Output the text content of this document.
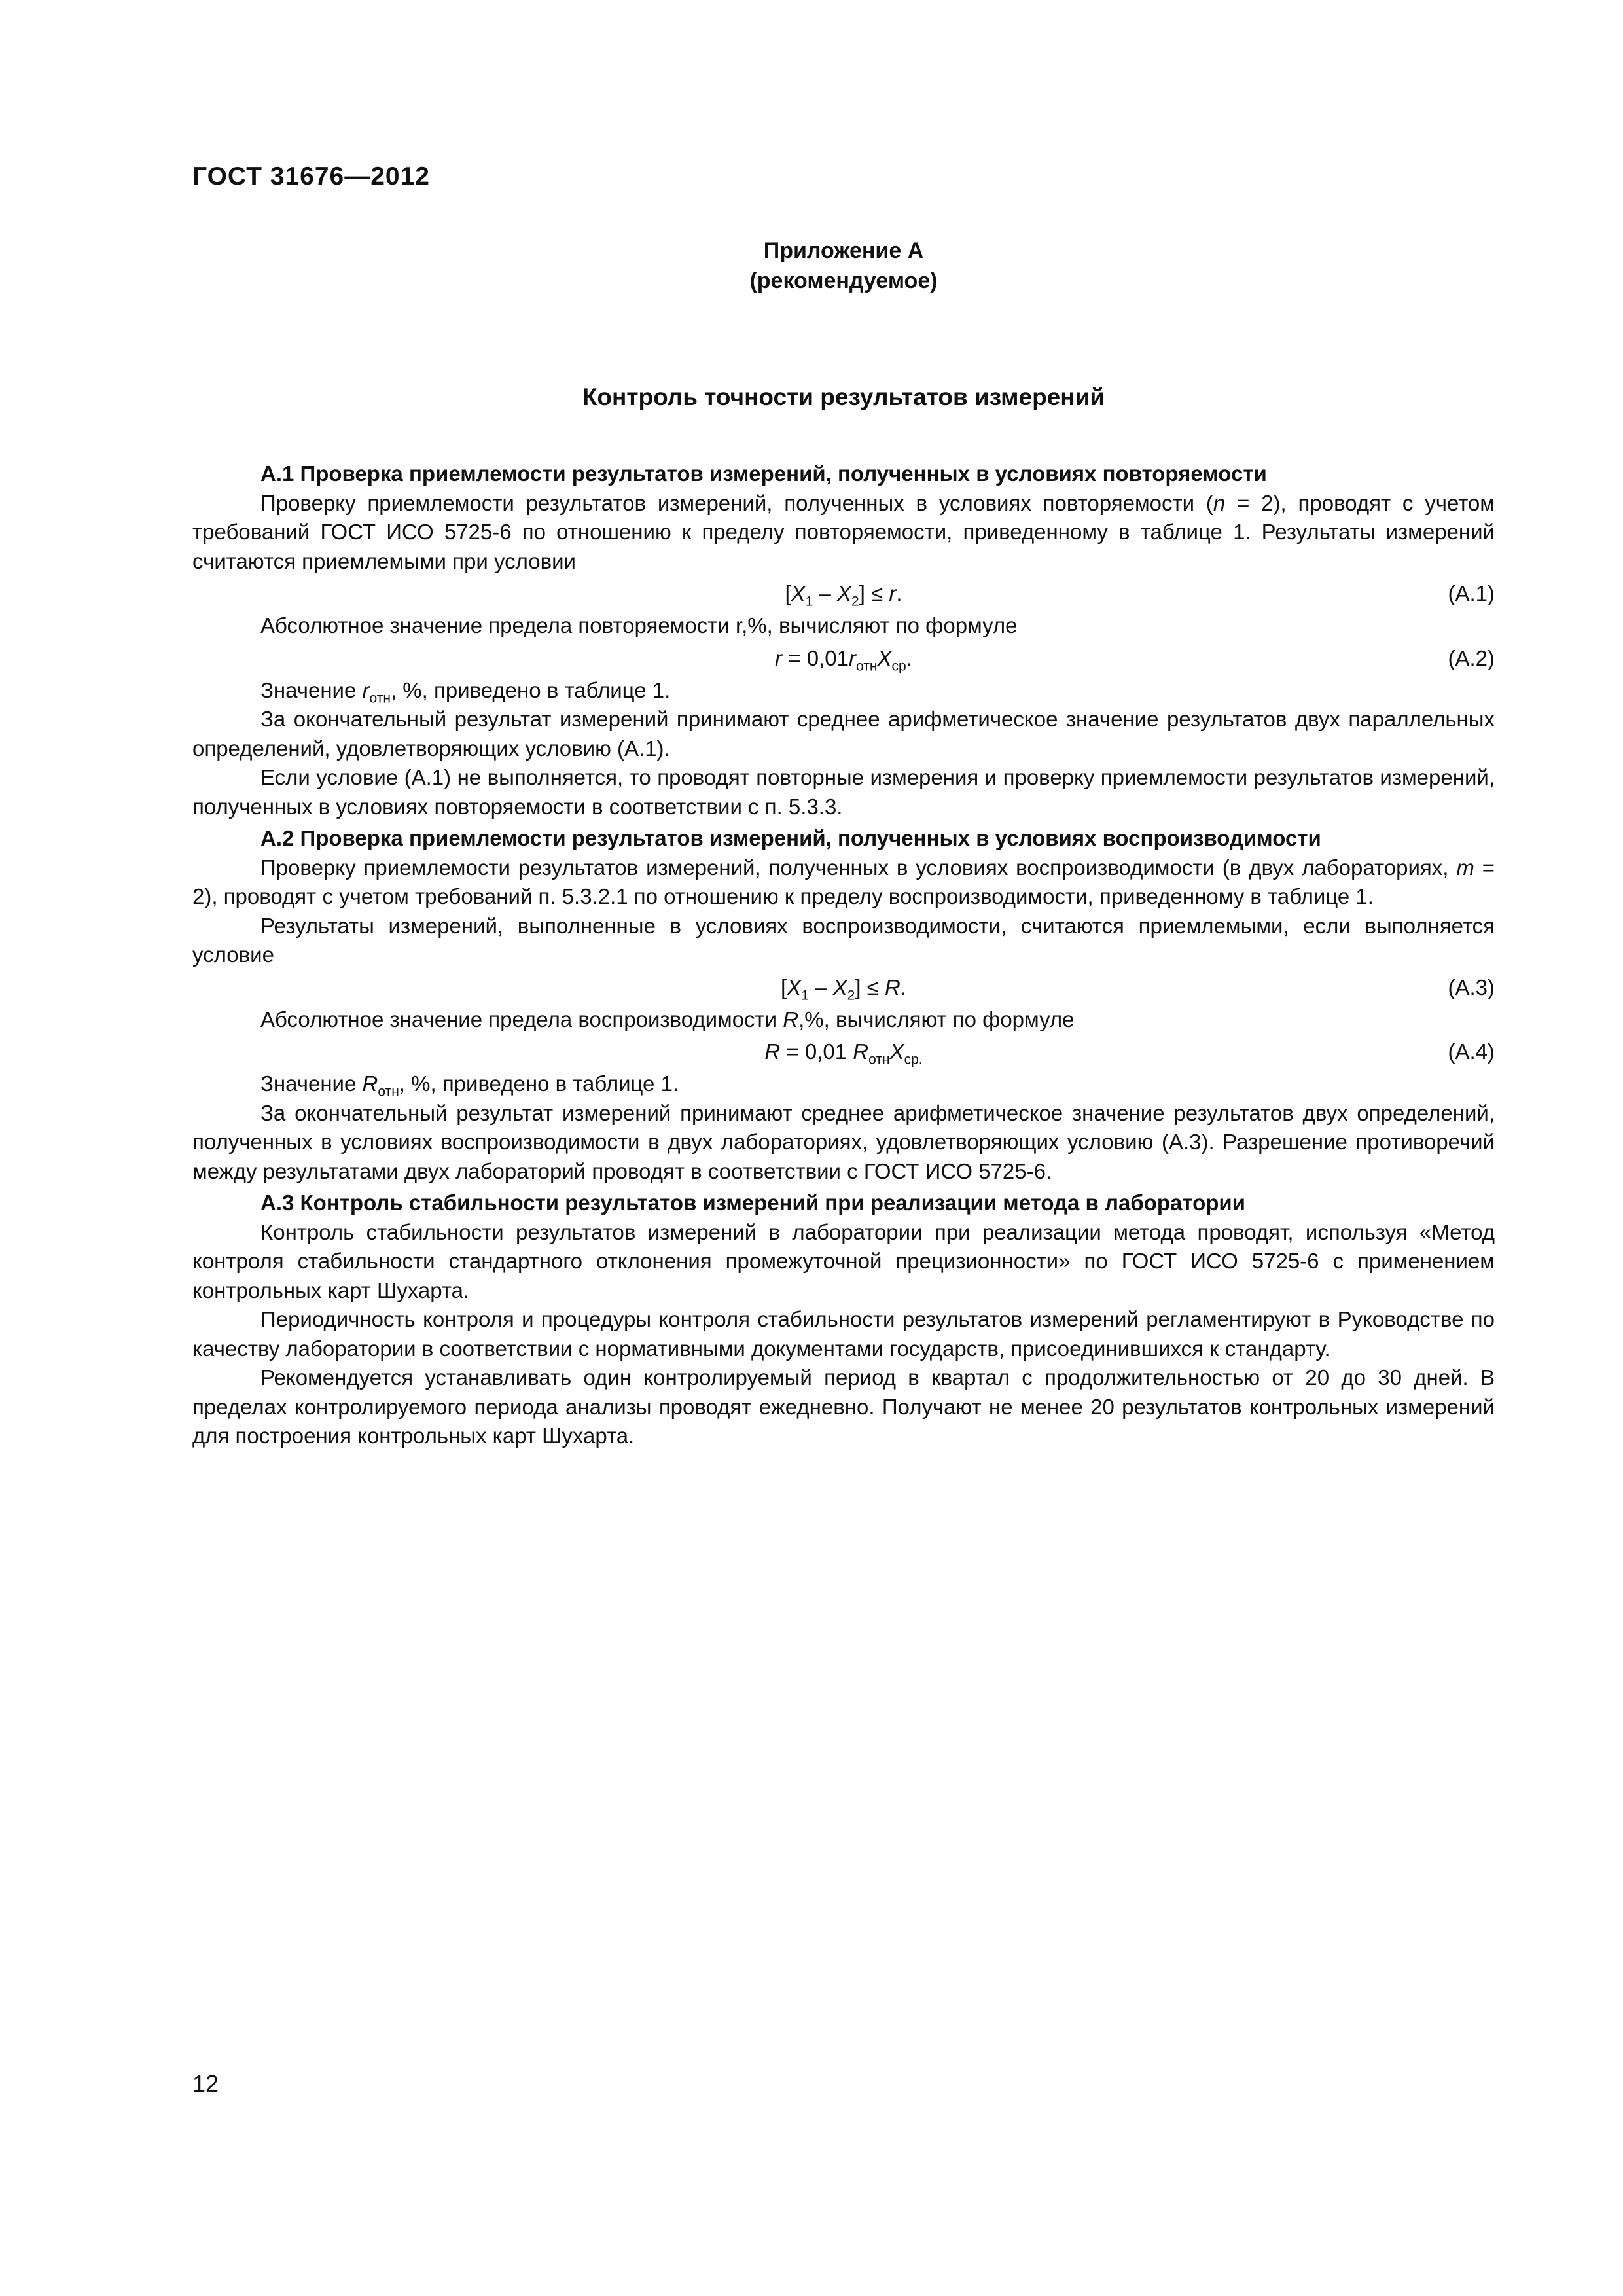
ГОСТ 31676—2012
Приложение А
(рекомендуемое)
Контроль точности результатов измерений

А.1 Проверка приемлемости результатов измерений, полученных в условиях повторяемости

Проверку приемлемости результатов измерений, полученных в условиях повторяемости (n = 2), проводят с учетом требований ГОСТ ИСО 5725-6 по отношению к пределу повторяемости, приведенному в таблице 1. Результаты измерений считаются приемлемыми при условии

$[X_1 - X_2] \le r$.	(А.1)

Абсолютное значение предела повторяемости r,%, вычисляют по формуле

$r = 0,01r_{отн}X_{ср}$.	(А.2)

Значение $r_{отн}$, %, приведено в таблице 1.

За окончательный результат измерений принимают среднее арифметическое значение результатов двух параллельных определений, удовлетворяющих условию (А.1).

Если условие (А.1) не выполняется, то проводят повторные измерения и проверку приемлемости результатов измерений, полученных в условиях повторяемости в соответствии с п. 5.3.3.

А.2 Проверка приемлемости результатов измерений, полученных в условиях воспроизводимости

Проверку приемлемости результатов измерений, полученных в условиях воспроизводимости (в двух лабораториях, m = 2), проводят с учетом требований п. 5.3.2.1 по отношению к пределу воспроизводимости, приведенному в таблице 1.

Результаты измерений, выполненные в условиях воспроизводимости, считаются приемлемыми, если выполняется условие

$[X_1 - X_2] \le R$.	(А.3)

Абсолютное значение предела воспроизводимости R,%, вычисляют по формуле

R = 0,01 $R_{отн}X_{ср.}$	(А.4)

Значение $R_{отн}$, %, приведено в таблице 1.

За окончательный результат измерений принимают среднее арифметическое значение результатов двух определений, полученных в условиях воспроизводимости в двух лабораториях, удовлетворяющих условию (А.3). Разрешение противоречий между результатами двух лабораторий проводят в соответствии с ГОСТ ИСО 5725-6.

А.3 Контроль стабильности результатов измерений при реализации метода в лаборатории

Контроль стабильности результатов измерений в лаборатории при реализации метода проводят, используя «Метод контроля стабильности стандартного отклонения промежуточной прецизионности» по ГОСТ ИСО 5725-6 с применением контрольных карт Шухарта.

Периодичность контроля и процедуры контроля стабильности результатов измерений регламентируют в Руководстве по качеству лаборатории в соответствии с нормативными документами государств, присоединившихся к стандарту.

Рекомендуется устанавливать один контролируемый период в квартал с продолжительностью от 20 до 30 дней. В пределах контролируемого периода анализы проводят ежедневно. Получают не менее 20 результатов контрольных измерений для построения контрольных карт Шухарта.

12
